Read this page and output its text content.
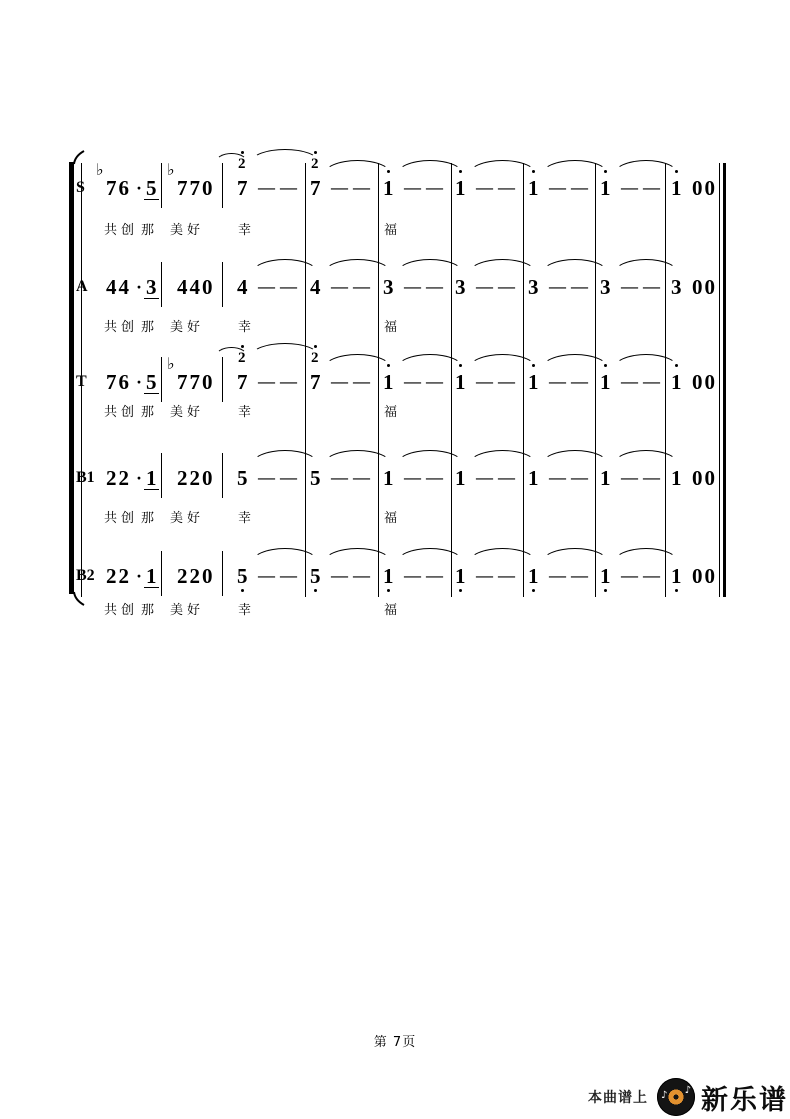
S
♭
76 · 5
♭
770
2	2
7 — — 7 — — 1 — — 1 — — 1 — — 1 — — 1 00
共创 那 美好	幸	福
A 44 · 3 440 4 — — 4 — — 3 — — 3 — — 3 — — 3 — — 3 00
共创 那 美好	幸	福
T 76 · 5
♭
770
2	2
7 — — 7 — — 1 — — 1 — — 1 — — 1 — — 1 00
共创 那 美好	幸	福
B1 22 · 1 220 5 — — 5 — — 1 — — 1 — — 1 — — 1 — — 1 00
共创 那 美好	幸	福
B2 22 · 1 220 5 — — 5 — — 1 — — 1 — — 1 — — 1 — — 1 00
共创 那 美好	幸	福
第 7页
本曲谱上 ♪ ♪ 新乐谱
